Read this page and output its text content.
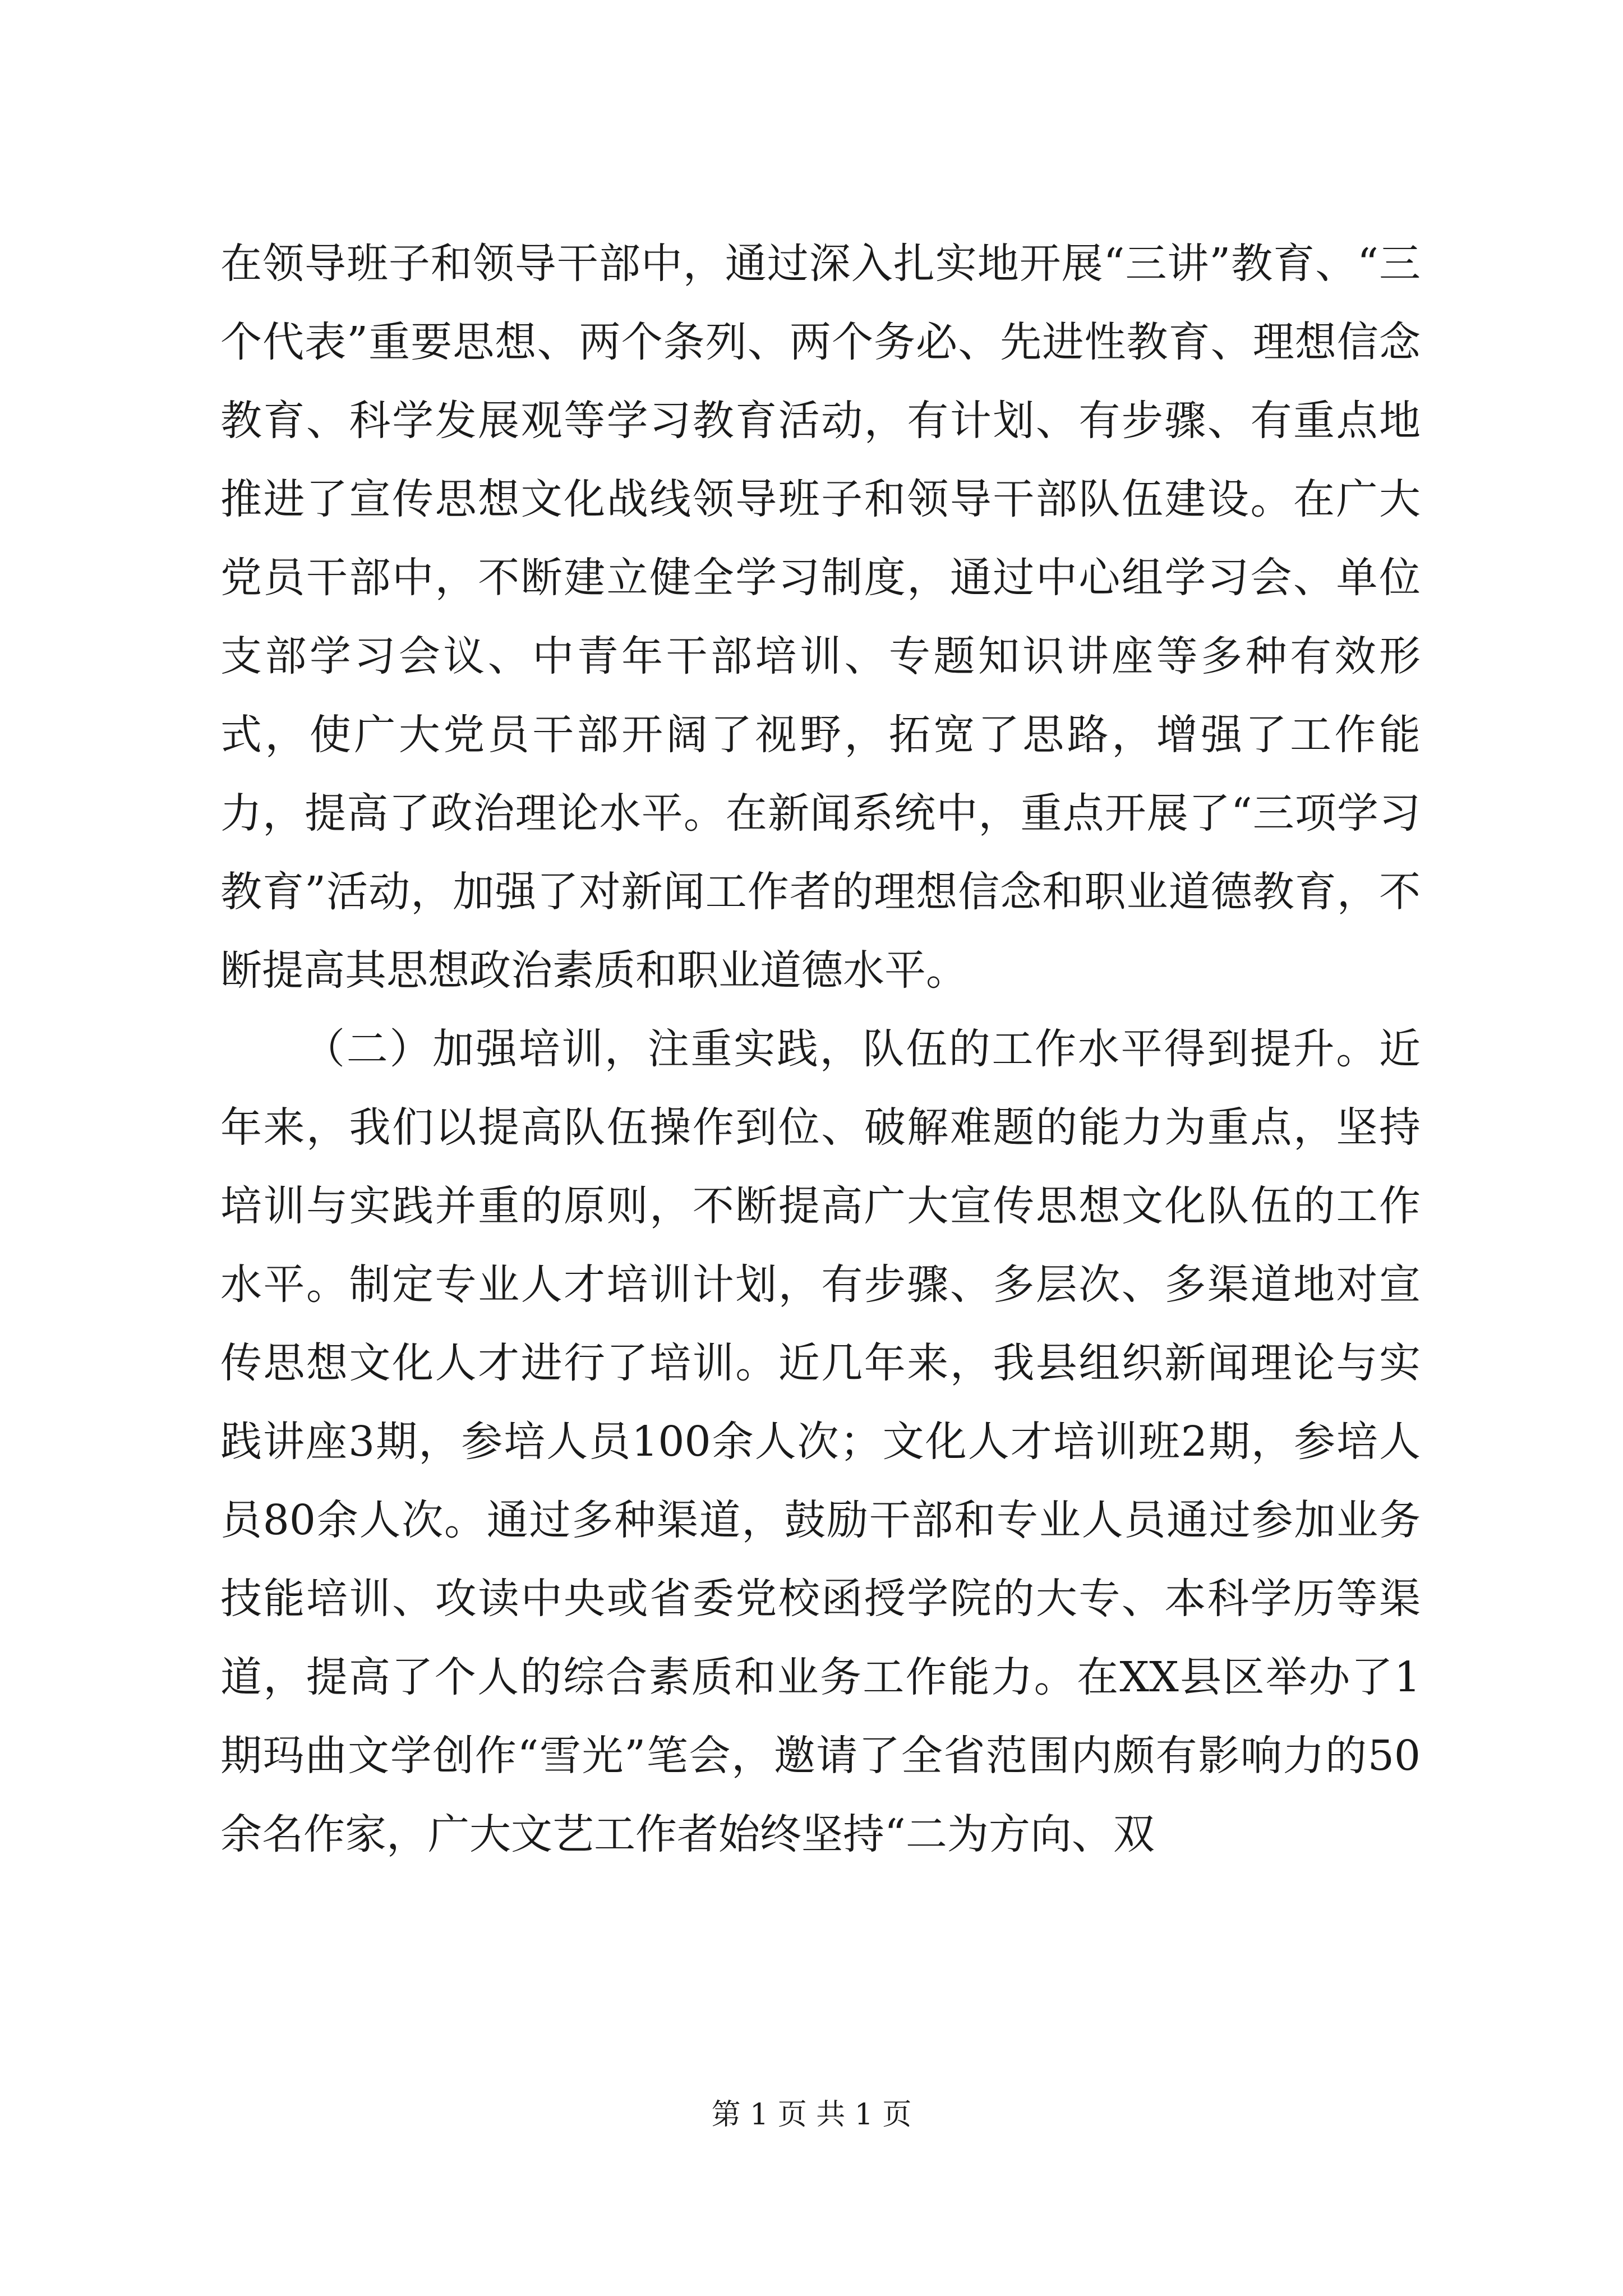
在领导班子和领导干部中，通过深入扎实地开展“三讲”教育、“三个代表”重要思想、两个条列、两个务必、先进性教育、理想信念教育、科学发展观等学习教育活动，有计划、有步骤、有重点地推进了宣传思想文化战线领导班子和领导干部队伍建设。在广大党员干部中，不断建立健全学习制度，通过中心组学习会、单位支部学习会议、中青年干部培训、专题知识讲座等多种有效形式，使广大党员干部开阔了视野，拓宽了思路，增强了工作能力，提高了政治理论水平。在新闻系统中，重点开展了“三项学习教育”活动，加强了对新闻工作者的理想信念和职业道德教育，不断提高其思想政治素质和职业道德水平。

（二）加强培训，注重实践，队伍的工作水平得到提升。近年来，我们以提高队伍操作到位、破解难题的能力为重点，坚持培训与实践并重的原则，不断提高广大宣传思想文化队伍的工作水平。制定专业人才培训计划，有步骤、多层次、多渠道地对宣传思想文化人才进行了培训。近几年来，我县组织新闻理论与实践讲座3期，参培人员100余人次；文化人才培训班2期，参培人员80余人次。通过多种渠道，鼓励干部和专业人员通过参加业务技能培训、攻读中央或省委党校函授学院的大专、本科学历等渠道，提高了个人的综合素质和业务工作能力。在XX县区举办了1期玛曲文学创作“雪光”笔会，邀请了全省范围内颇有影响力的50余名作家，广大文艺工作者始终坚持“二为方向、双

第 1 页 共 1 页
